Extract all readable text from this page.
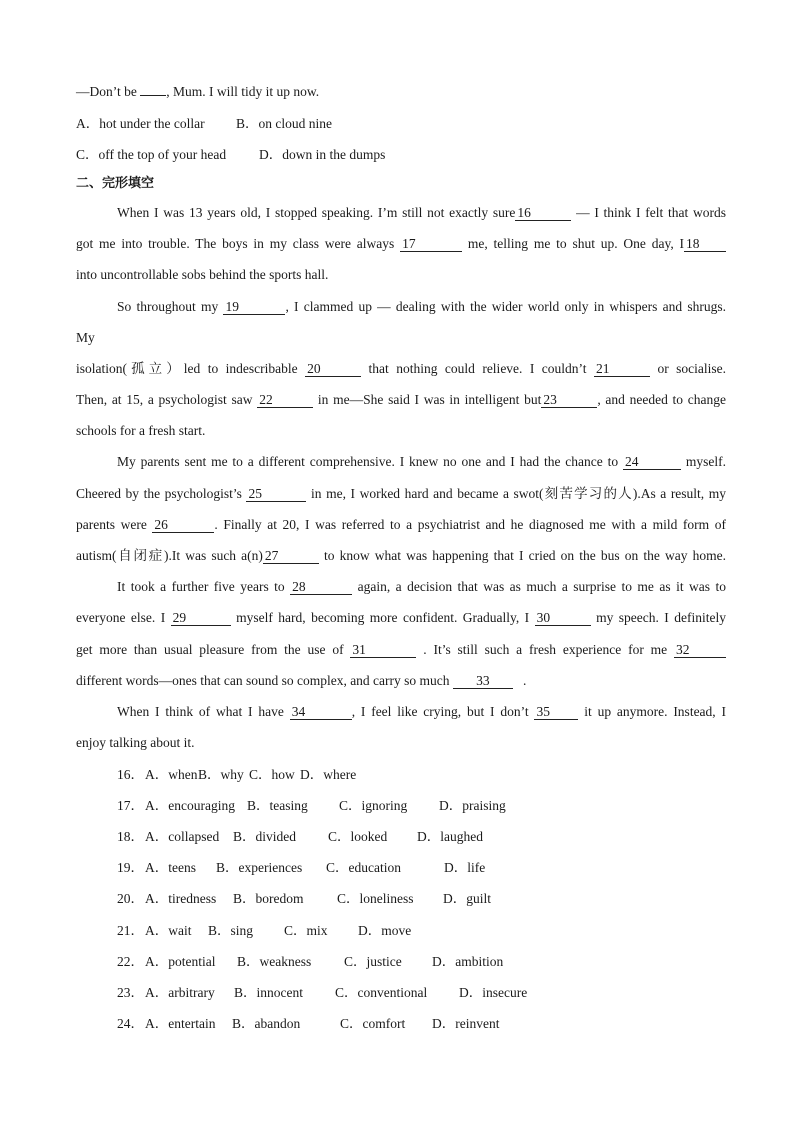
—Don’t be , Mum. I will tidy it up now.
A．hot under the collar B．on cloud nine
C．off the top of your head D．down in the dumps
二、完形填空
When I was 13 years old, I stopped speaking. I’m still not exactly sure 16	— I think I felt that words
got me into trouble. The boys in my class were always 17	me, telling me to shut up. One day, I 18
into uncontrollable sobs behind the sports hall.
So throughout my 19	, I clammed up — dealing with the wider world only in whispers and shrugs.
My
isolation(孤立）led to indescribable 20	that nothing could relieve. I couldn’t 21	or socialise.
Then, at 15, a psychologist saw 22	in me—She said I was in intelligent but 23	, and needed to change
schools for a fresh start.
My parents sent me to a different comprehensive. I knew no one and I had the chance to 24	myself.
Cheered by the psychologist’s 25	in me, I worked hard and became a swot(刻苦学习的人).As a result, my
parents were 26	. Finally at 20, I was referred to a psychiatrist and he diagnosed me with a mild form of
autism(自闭症).It was such a(n) 27	to know what was happening that I cried on the bus on the way home.
It took a further five years to 28	again, a decision that was as much a surprise to me as it was to
everyone else. I 29	myself hard, becoming more confident. Gradually, I 30	my speech. I definitely
get more than usual pleasure from the use of 31	. It’s still such a fresh experience for me 32
different words—ones that can sound so complex, and carry so much 33   .
When I think of what I have 34	, I feel like crying, but I don’t 35 it up anymore. Instead, I
enjoy talking about it.
16．A．whenB．why C．how D．where
17．A．encouraging B．teasing C．ignoring D．praising
18．A．collapsed B．divided C．looked D．laughed
19．A．teens B．experiences C．education	D．life
20．A．tiredness B．boredom C．loneliness D．guilt
21．A．wait B．sing C．mix D．move
22．A．potential B．weakness C．justice D．ambition
23．A．arbitrary B．innocent C．conventional D．insecure
24．A．entertain B．abandon	C．comfort D．reinvent
